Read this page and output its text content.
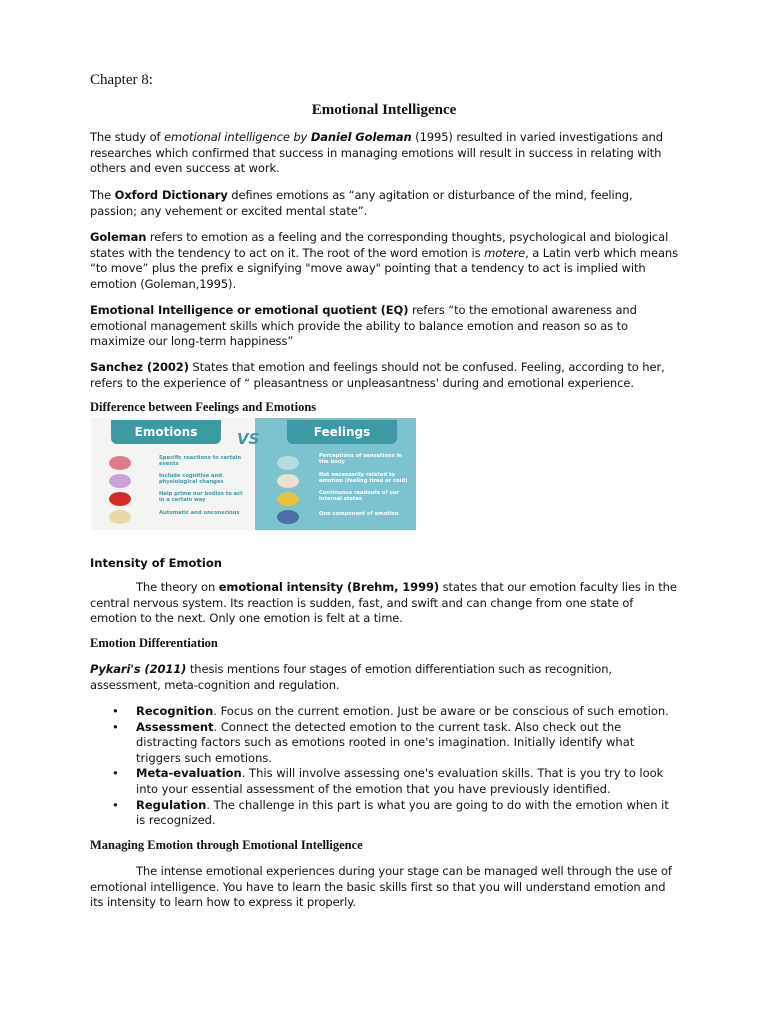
Chapter 8:
Emotional Intelligence
The study of emotional intelligence by Daniel Goleman (1995) resulted in varied investigations and researches which confirmed that success in managing emotions will result in success in relating with others and even success at work.
The Oxford Dictionary defines emotions as “any agitation or disturbance of the mind, feeling, passion; any vehement or excited mental state”.
Goleman refers to emotion as a feeling and the corresponding thoughts, psychological and biological states with the tendency to act on it. The root of the word emotion is motere, a Latin verb which means “to move” plus the prefix e signifying "move away" pointing that a tendency to act is implied with emotion (Goleman,1995).
Emotional Intelligence or emotional quotient (EQ) refers “to the emotional awareness and emotional management skills which provide the ability to balance emotion and reason so as to maximize our long-term happiness”
Sanchez (2002) States that emotion and feelings should not be confused. Feeling, according to her, refers to the experience of “ pleasantness or unpleasantness' during and emotional experience.
Difference between Feelings and Emotions
Emotions	VS	Feelings
Specific reactions to certain events
Include cognitive and physiological changes
Help prime our bodies to act in a certain way
Automatic and unconscious
Perceptions of sensations in the body
Not necessarily related to emotion (feeling tired or cold)
Continuous readouts of our internal states
One component of emotion
Intensity of Emotion
The theory on emotional intensity (Brehm, 1999) states that our emotion faculty lies in the central nervous system. Its reaction is sudden, fast, and swift and can change from one state of emotion to the next. Only one emotion is felt at a time.
Emotion Differentiation
Pykari's (2011) thesis mentions four stages of emotion differentiation such as recognition, assessment, meta-cognition and regulation.
• Recognition. Focus on the current emotion. Just be aware or be conscious of such emotion.
• Assessment. Connect the detected emotion to the current task. Also check out the distracting factors such as emotions rooted in one's imagination. Initially identify what triggers such emotions.
• Meta-evaluation. This will involve assessing one's evaluation skills. That is you try to look into your essential assessment of the emotion that you have previously identified.
• Regulation. The challenge in this part is what you are going to do with the emotion when it is recognized.
Managing Emotion through Emotional Intelligence
The intense emotional experiences during your stage can be managed well through the use of emotional intelligence. You have to learn the basic skills first so that you will understand emotion and its intensity to learn how to express it properly.
